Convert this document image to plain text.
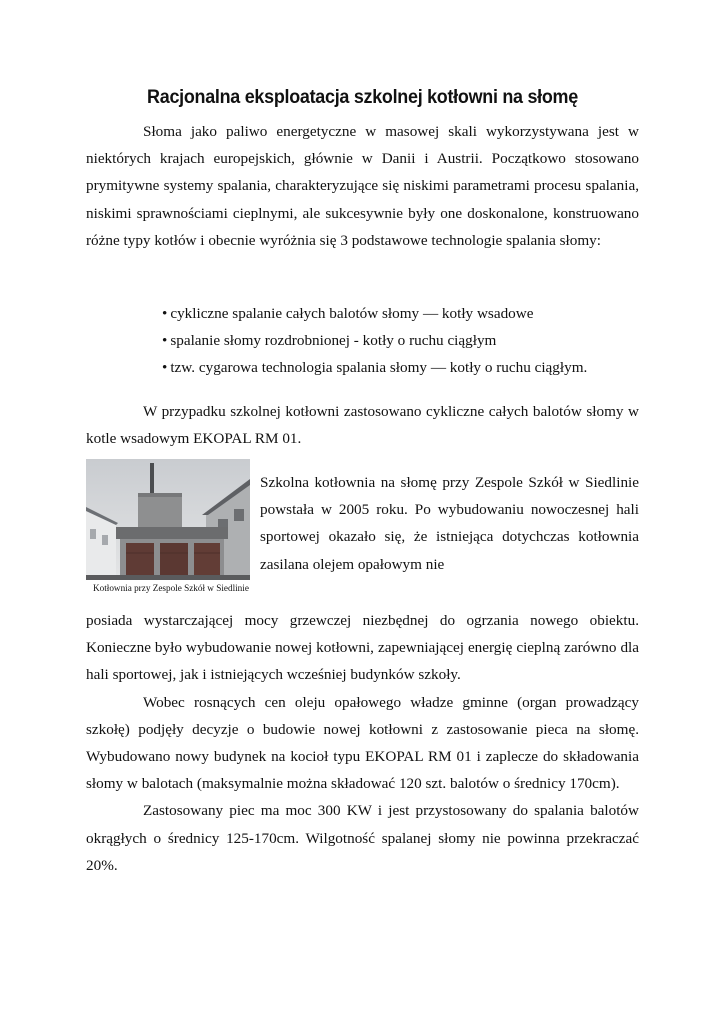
Racjonalna eksploatacja szkolnej kotłowni na słomę

Słoma jako paliwo energetyczne w masowej skali wykorzystywana jest w niektórych krajach europejskich, głównie w Danii i Austrii. Początkowo stosowano prymitywne systemy spalania, charakteryzujące się niskimi parametrami procesu spalania, niskimi sprawnościami cieplnymi, ale sukcesywnie były one doskonalone, konstruowano różne typy kotłów i obecnie wyróżnia się 3 podstawowe technologie spalania słomy:

• cykliczne spalanie całych balotów słomy — kotły wsadowe
• spalanie słomy rozdrobnionej - kotły o ruchu ciągłym
• tzw. cygarowa technologia spalania słomy — kotły o ruchu ciągłym.

W przypadku szkolnej kotłowni zastosowano cykliczne całych balotów słomy w kotle wsadowym EKOPAL RM 01.

Kotłownia przy Zespole Szkół w Siedlinie

Szkolna kotłownia na słomę przy Zespole Szkół w Siedlinie powstała w 2005 roku. Po wybudowaniu nowoczesnej hali sportowej okazało się, że istniejąca dotychczas kotłownia zasilana olejem opałowym nie

posiada wystarczającej mocy grzewczej niezbędnej do ogrzania nowego obiektu. Konieczne było wybudowanie nowej kotłowni, zapewniającej energię cieplną zarówno dla hali sportowej, jak i istniejących wcześniej budynków szkoły.

Wobec rosnących cen oleju opałowego władze gminne (organ prowadzący szkołę) podjęły decyzje o budowie nowej kotłowni z zastosowanie pieca na słomę. Wybudowano nowy budynek na kocioł typu EKOPAL RM 01 i zaplecze do składowania słomy w balotach (maksymalnie można składować 120 szt. balotów o średnicy 170cm).

Zastosowany piec ma moc 300 KW i jest przystosowany do spalania balotów okrągłych o średnicy 125-170cm. Wilgotność spalanej słomy nie powinna przekraczać 20%.
